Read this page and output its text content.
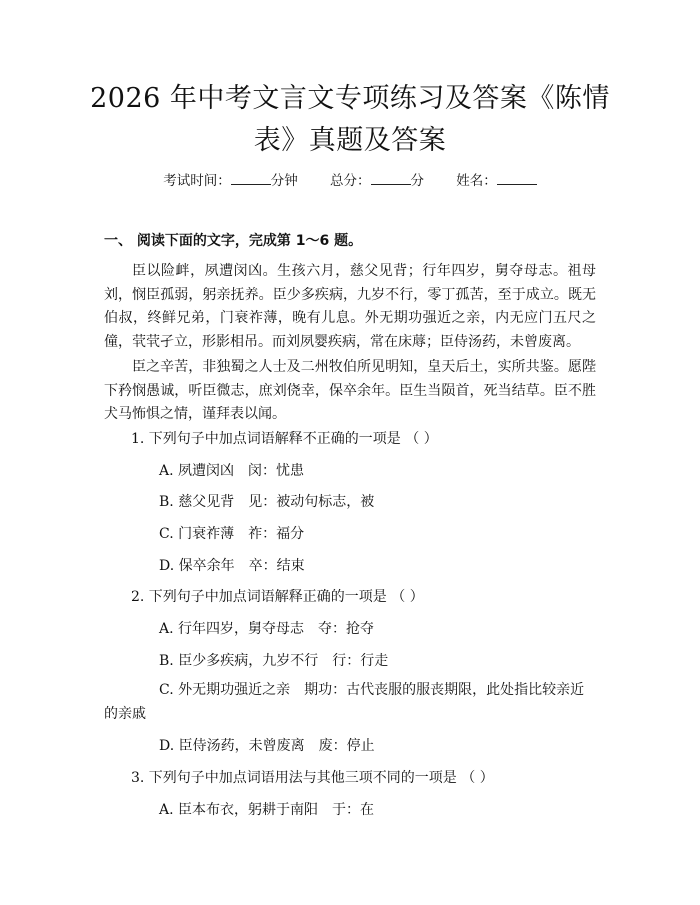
2026 年中考文言文专项练习及答案《陈情
表》真题及答案
考试时间：	分钟 总分：	分 姓名：
一、 阅读下面的文字，完成第 1～6 题。
臣以险衅，夙遭闵凶。生孩六月，慈父见背；行年四岁，舅夺母志。祖母刘，悯臣孤弱，躬亲抚养。臣少多疾病，九岁不行，零丁孤苦，至于成立。既无伯叔，终鲜兄弟，门衰祚薄，晚有儿息。外无期功强近之亲，内无应门五尺之僮，茕茕孑立，形影相吊。而刘夙婴疾病，常在床蓐；臣侍汤药，未曾废离。
臣之辛苦，非独蜀之人士及二州牧伯所见明知，皇天后土，实所共鉴。愿陛下矜悯愚诚，听臣微志，庶刘侥幸，保卒余年。臣生当陨首，死当结草。臣不胜犬马怖惧之情，谨拜表以闻。
1. 下列句子中加点词语解释不正确的一项是 （ ）
A. 夙遭闵凶　闵：忧患
B. 慈父见背　见：被动句标志，被
C. 门衰祚薄　祚：福分
D. 保卒余年　卒：结束
2. 下列句子中加点词语解释正确的一项是 （ ）
A. 行年四岁，舅夺母志　夺：抢夺
B. 臣少多疾病，九岁不行　行：行走
C. 外无期功强近之亲　期功：古代丧服的服丧期限，此处指比较亲近的亲戚
D. 臣侍汤药，未曾废离　废：停止
3. 下列句子中加点词语用法与其他三项不同的一项是 （ ）
A. 臣本布衣，躬耕于南阳　于：在
